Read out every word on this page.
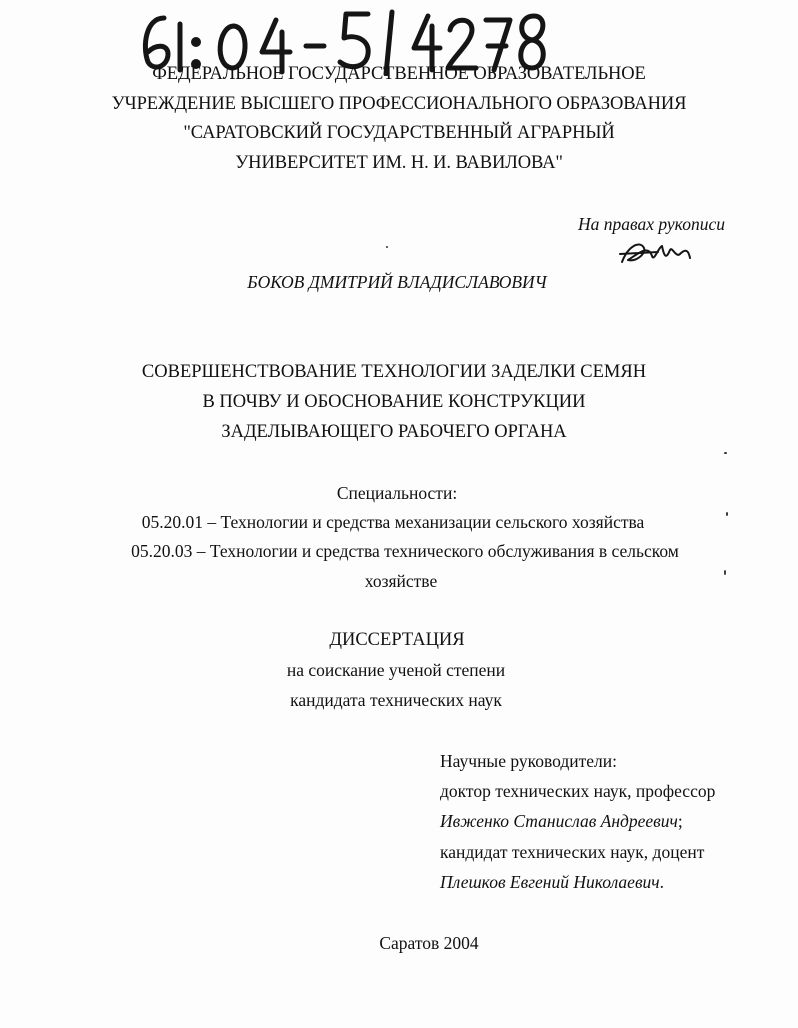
ФЕДЕРАЛЬНОЕ ГОСУДАРСТВЕННОЕ ОБРАЗОВАТЕЛЬНОЕ
УЧРЕЖДЕНИЕ ВЫСШЕГО ПРОФЕССИОНАЛЬНОГО ОБРАЗОВАНИЯ
"САРАТОВСКИЙ ГОСУДАРСТВЕННЫЙ АГРАРНЫЙ
УНИВЕРСИТЕТ ИМ. Н. И. ВАВИЛОВА"
На правах рукописи
БОКОВ ДМИТРИЙ ВЛАДИСЛАВОВИЧ
СОВЕРШЕНСТВОВАНИЕ ТЕХНОЛОГИИ ЗАДЕЛКИ СЕМЯН
В ПОЧВУ И ОБОСНОВАНИЕ КОНСТРУКЦИИ
ЗАДЕЛЫВАЮЩЕГО РАБОЧЕГО ОРГАНА
Специальности:
05.20.01 – Технологии и средства механизации сельского хозяйства
05.20.03 – Технологии и средства технического обслуживания в сельском
хозяйстве
ДИССЕРТАЦИЯ
на соискание ученой степени
кандидата технических наук
Научные руководители:
доктор технических наук, профессор
Ивженко Станислав Андреевич;
кандидат технических наук, доцент
Плешков Евгений Николаевич.
Саратов 2004
